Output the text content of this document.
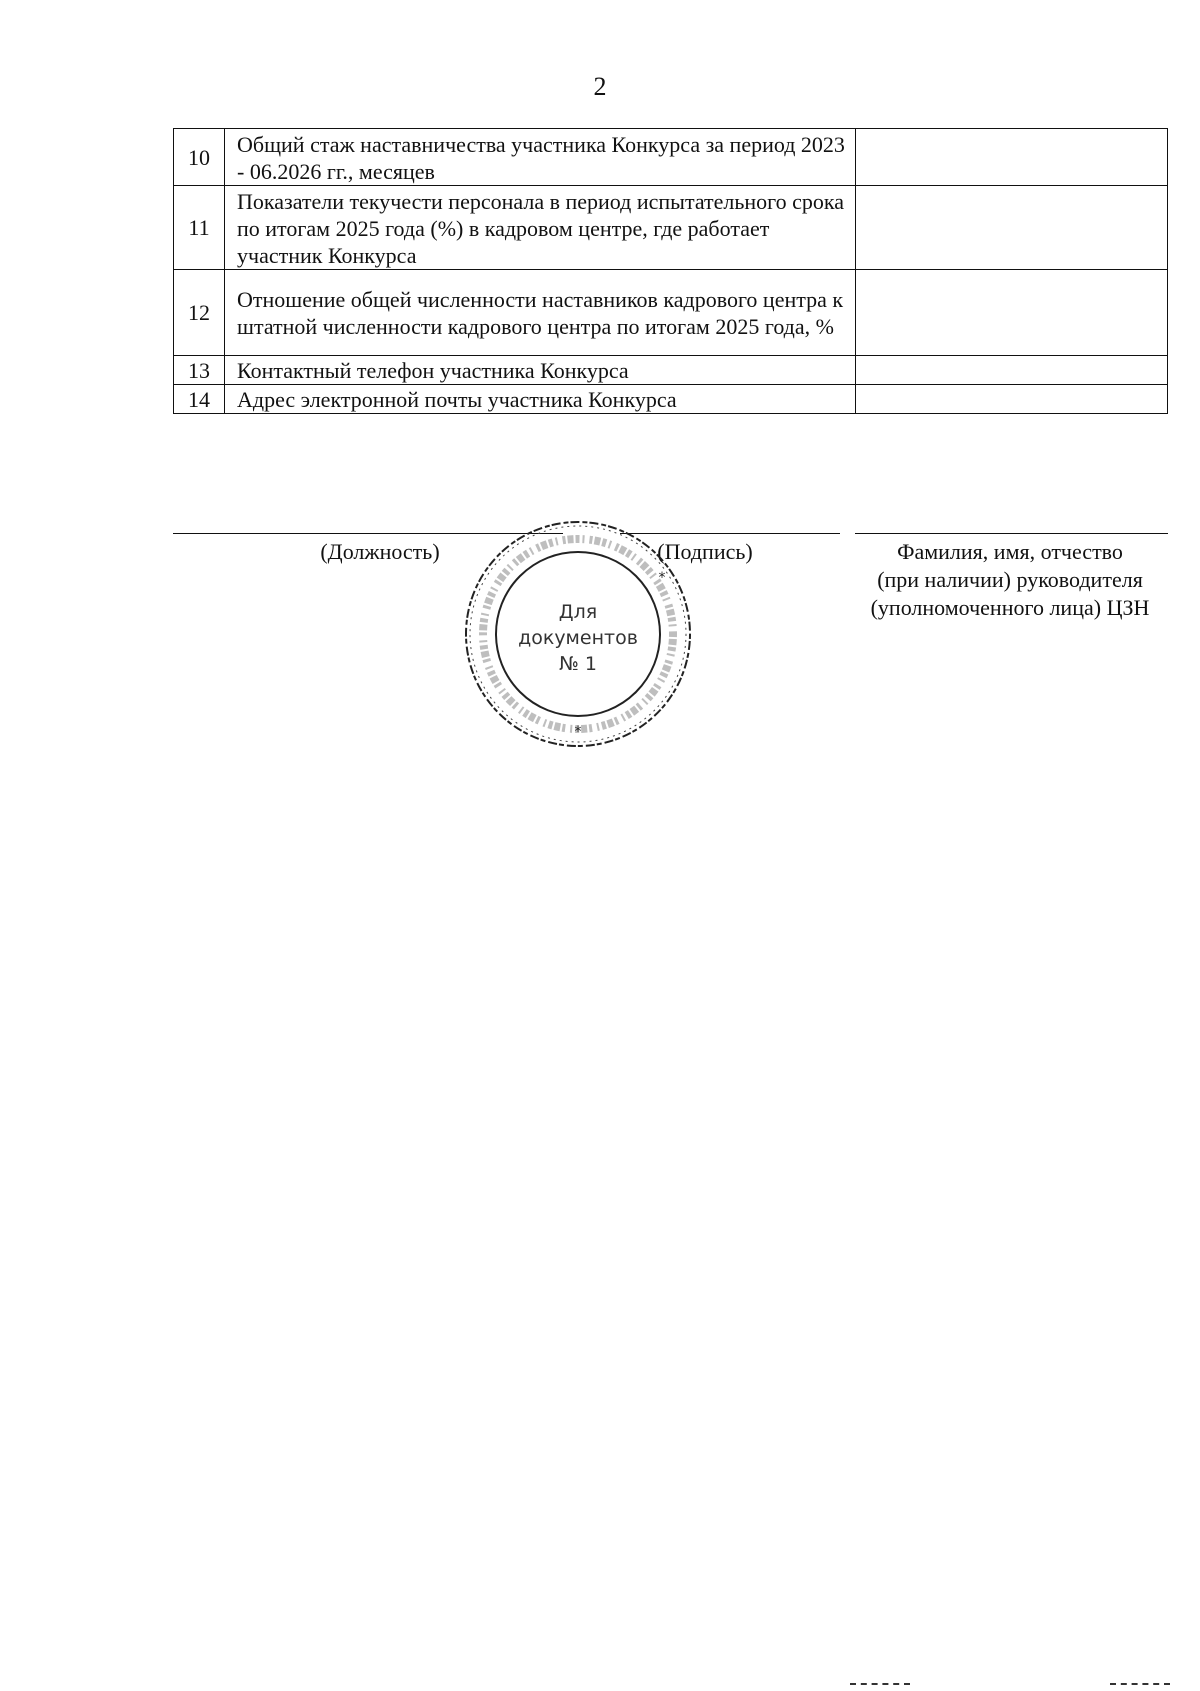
2
10	Общий стаж наставничества участника Конкурса за период 2023 - 06.2026 гг., месяцев	
11	Показатели текучести персонала в период испытательного срока по итогам 2025 года (%) в кадровом центре, где работает участник Конкурса	
12	Отношение общей численности наставников кадрового центра к штатной численности кадрового центра по итогам 2025 года, %	
13	Контактный телефон участника Конкурса	
14	Адрес электронной почты участника Конкурса	
(Должность)	(Подпись)	Фамилия, имя, отчество
(при наличии) руководителя
(уполномоченного лица) ЦЗН
*
*
Для
документов
№ 1
